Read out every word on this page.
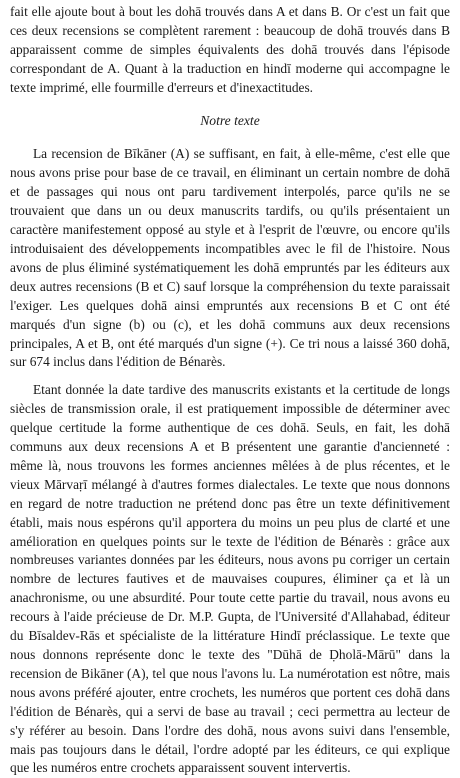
fait elle ajoute bout à bout les dohā trouvés dans A et dans B. Or c'est un fait que ces deux recensions se complètent rarement : beaucoup de dohā trouvés dans B apparaissent comme de simples équivalents des dohā trouvés dans l'épisode correspondant de A. Quant à la traduction en hindī moderne qui accompagne le texte imprimé, elle fourmille d'erreurs et d'inexactitudes.

Notre texte

La recension de Bīkāner (A) se suffisant, en fait, à elle-même, c'est elle que nous avons prise pour base de ce travail, en éliminant un certain nombre de dohā et de passages qui nous ont paru tardivement interpolés, parce qu'ils ne se trouvaient que dans un ou deux manuscrits tardifs, ou qu'ils présentaient un caractère manifestement opposé au style et à l'esprit de l'œuvre, ou encore qu'ils introduisaient des développements incompatibles avec le fil de l'histoire. Nous avons de plus éliminé systématiquement les dohā empruntés par les éditeurs aux deux autres recensions (B et C) sauf lorsque la compréhension du texte paraissait l'exiger. Les quelques dohā ainsi empruntés aux recensions B et C ont été marqués d'un signe (b) ou (c), et les dohā communs aux deux recensions principales, A et B, ont été marqués d'un signe (+). Ce tri nous a laissé 360 dohā, sur 674 inclus dans l'édition de Bénarès.

Etant donnée la date tardive des manuscrits existants et la certitude de longs siècles de transmission orale, il est pratiquement impossible de déterminer avec quelque certitude la forme authentique de ces dohā. Seuls, en fait, les dohā communs aux deux recensions A et B présentent une garantie d'ancienneté : même là, nous trouvons les formes anciennes mêlées à de plus récentes, et le vieux Mārvaṛī mélangé à d'autres formes dialectales. Le texte que nous donnons en regard de notre traduction ne prétend donc pas être un texte définitivement établi, mais nous espérons qu'il apportera du moins un peu plus de clarté et une amélioration en quelques points sur le texte de l'édition de Bénarès : grâce aux nombreuses variantes données par les éditeurs, nous avons pu corriger un certain nombre de lectures fautives et de mauvaises coupures, éliminer ça et là un anachronisme, ou une absurdité. Pour toute cette partie du travail, nous avons eu recours à l'aide précieuse de Dr. M.P. Gupta, de l'Université d'Allahabad, éditeur du Bīsaldev-Rās et spécialiste de la littérature Hindī préclassique. Le texte que nous donnons représente donc le texte des "Dūhā de Ḍholā-Mārū" dans la recension de Bikāner (A), tel que nous l'avons lu. La numérotation est nôtre, mais nous avons préféré ajouter, entre crochets, les numéros que portent ces dohā dans l'édition de Bénarès, qui a servi de base au travail ; ceci permettra au lecteur de s'y référer au besoin. Dans l'ordre des dohā, nous avons suivi dans l'ensemble, mais pas toujours dans le détail, l'ordre adopté par les éditeurs, ce qui explique que les numéros entre crochets apparaissent souvent intervertis.
